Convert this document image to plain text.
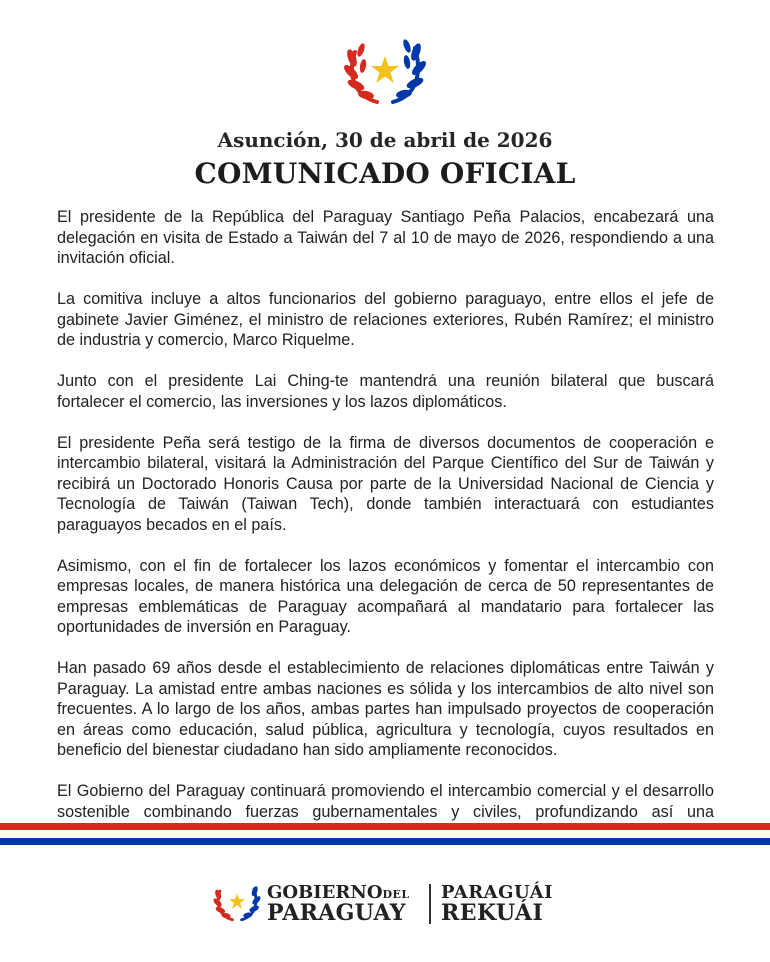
Asunción, 30 de abril de 2026
COMUNICADO OFICIAL

El presidente de la República del Paraguay Santiago Peña Palacios, encabezará una delegación en visita de Estado a Taiwán del 7 al 10 de mayo de 2026, respondiendo a una invitación oficial.

La comitiva incluye a altos funcionarios del gobierno paraguayo, entre ellos el jefe de gabinete Javier Giménez, el ministro de relaciones exteriores, Rubén Ramírez; el ministro de industria y comercio, Marco Riquelme.

Junto con el presidente Lai Ching-te mantendrá una reunión bilateral que buscará fortalecer el comercio, las inversiones y los lazos diplomáticos.

El presidente Peña será testigo de la firma de diversos documentos de cooperación e intercambio bilateral, visitará la Administración del Parque Científico del Sur de Taiwán y recibirá un Doctorado Honoris Causa por parte de la Universidad Nacional de Ciencia y Tecnología de Taiwán (Taiwan Tech), donde también interactuará con estudiantes paraguayos becados en el país.

Asimismo, con el fin de fortalecer los lazos económicos y fomentar el intercambio con empresas locales, de manera histórica una delegación de cerca de 50 representantes de empresas emblemáticas de Paraguay acompañará al mandatario para fortalecer las oportunidades de inversión en Paraguay.

Han pasado 69 años desde el establecimiento de relaciones diplomáticas entre Taiwán y Paraguay. La amistad entre ambas naciones es sólida y los intercambios de alto nivel son frecuentes. A lo largo de los años, ambas partes han impulsado proyectos de cooperación en áreas como educación, salud pública, agricultura y tecnología, cuyos resultados en beneficio del bienestar ciudadano han sido ampliamente reconocidos.

El Gobierno del Paraguay continuará promoviendo el intercambio comercial y el desarrollo sostenible combinando fuerzas gubernamentales y civiles, profundizando así una

GOBIERNODEL
PARAGUAY
PARAGUÁI
REKUÁI
